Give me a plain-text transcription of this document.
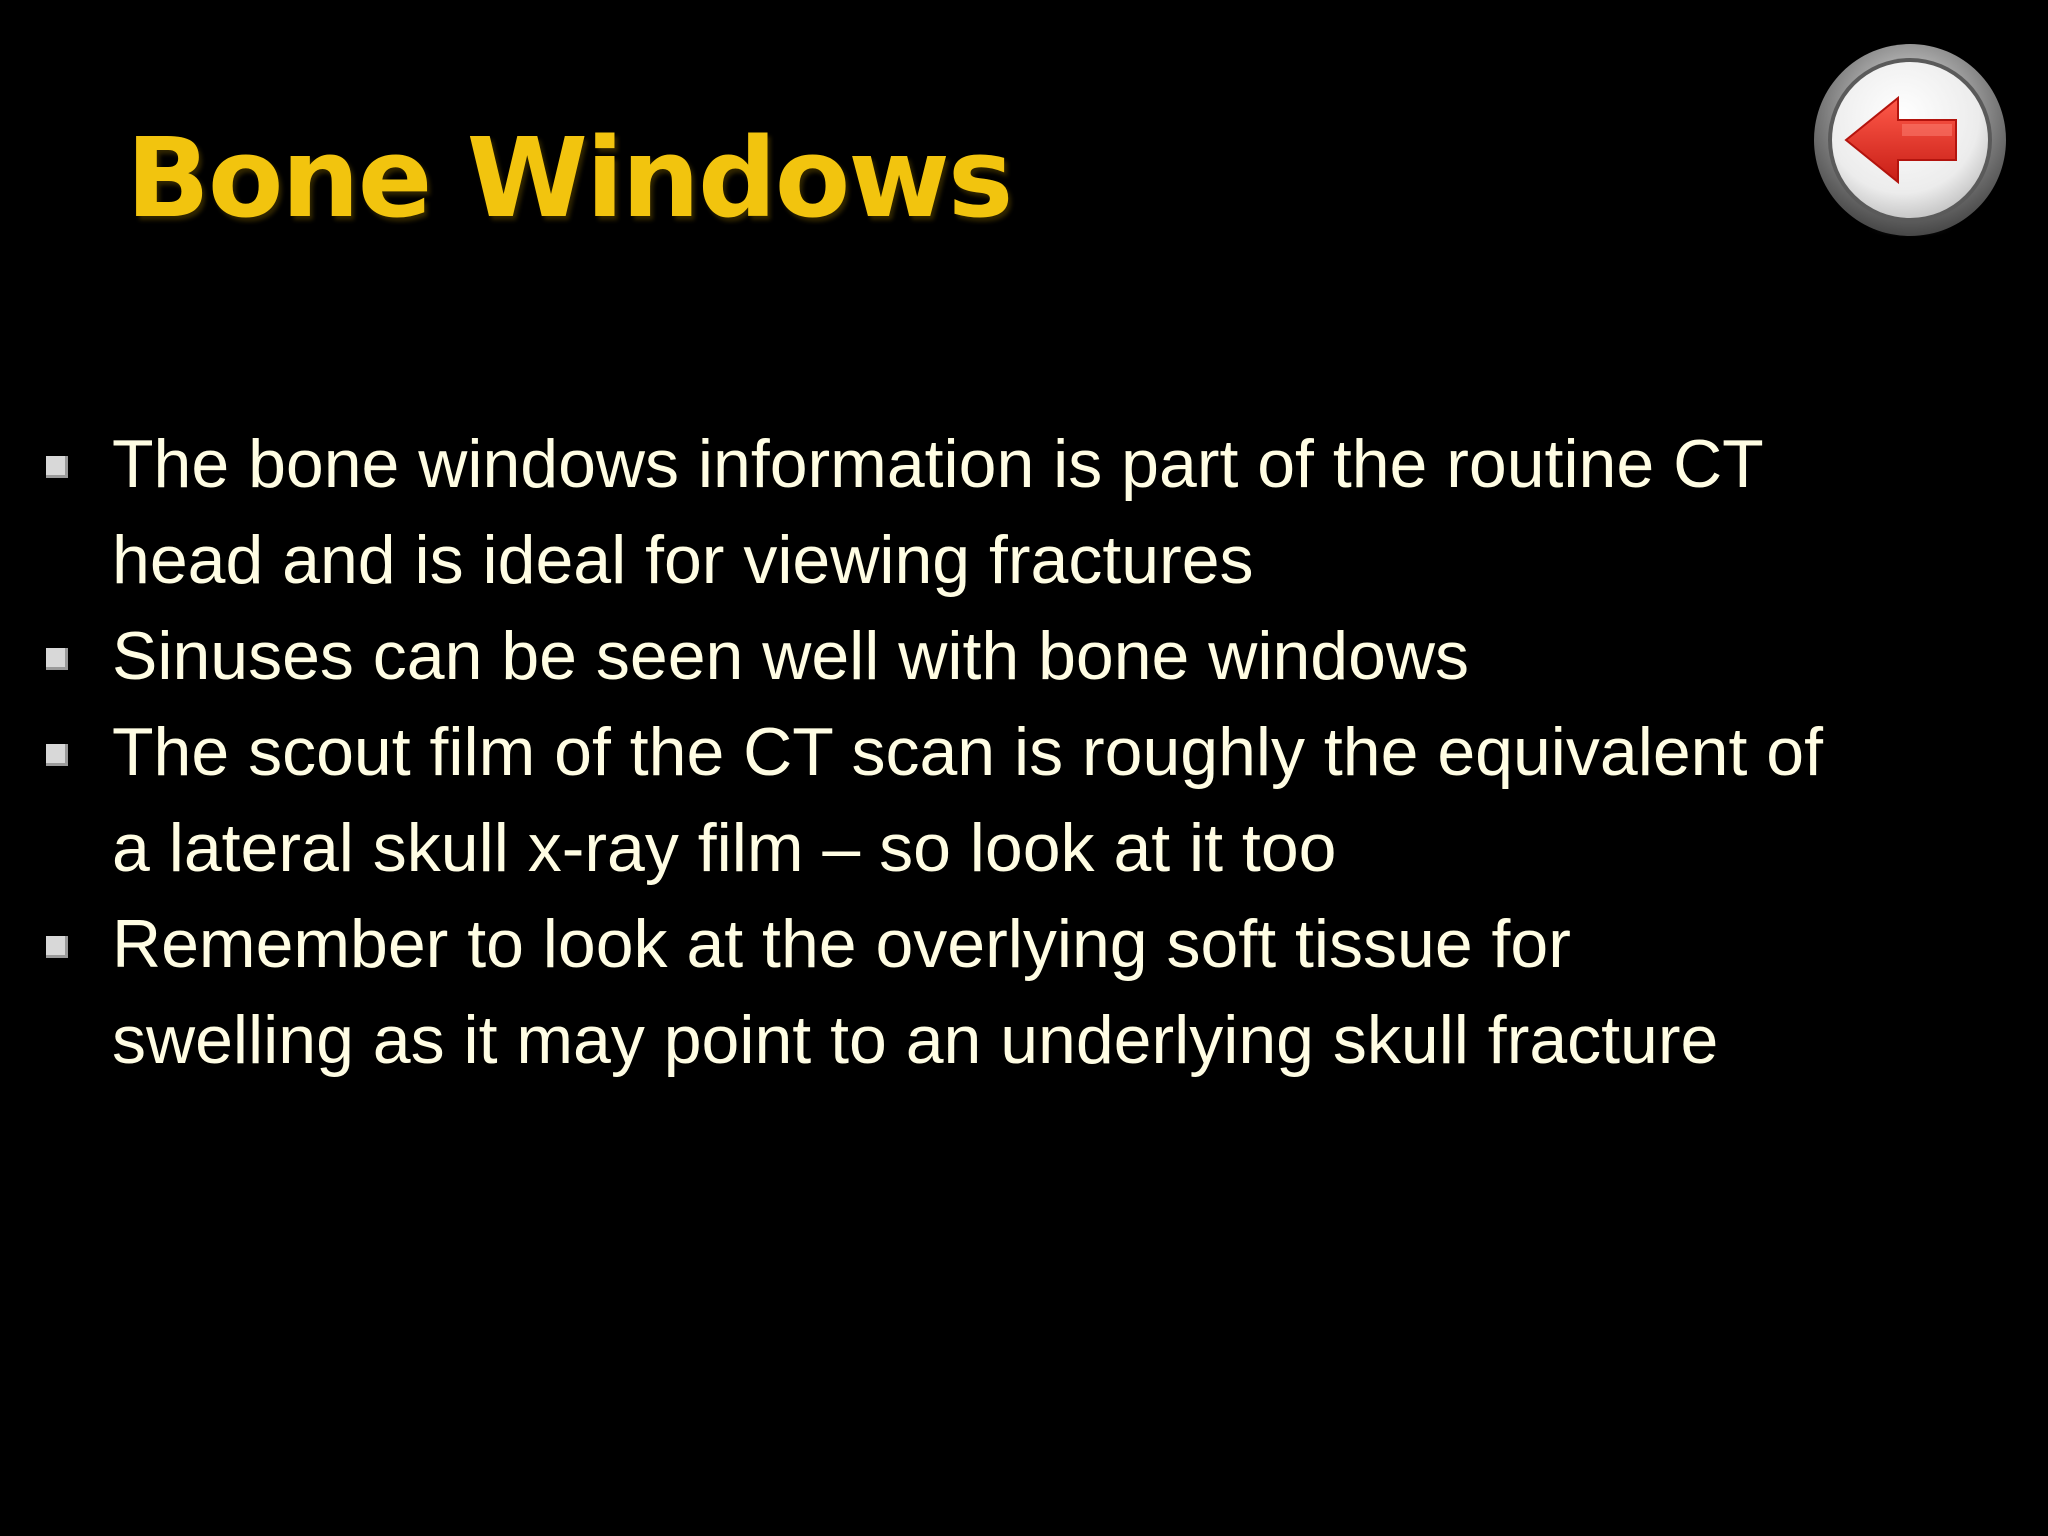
Bone Windows
The bone windows information is part of the routine CT
head and is ideal for viewing fractures
Sinuses can be seen well with bone windows
The scout film of the CT scan is roughly the equivalent of
a lateral skull x-ray film – so look at it too
Remember to look at the overlying soft tissue for
swelling as it may point to an underlying skull fracture
